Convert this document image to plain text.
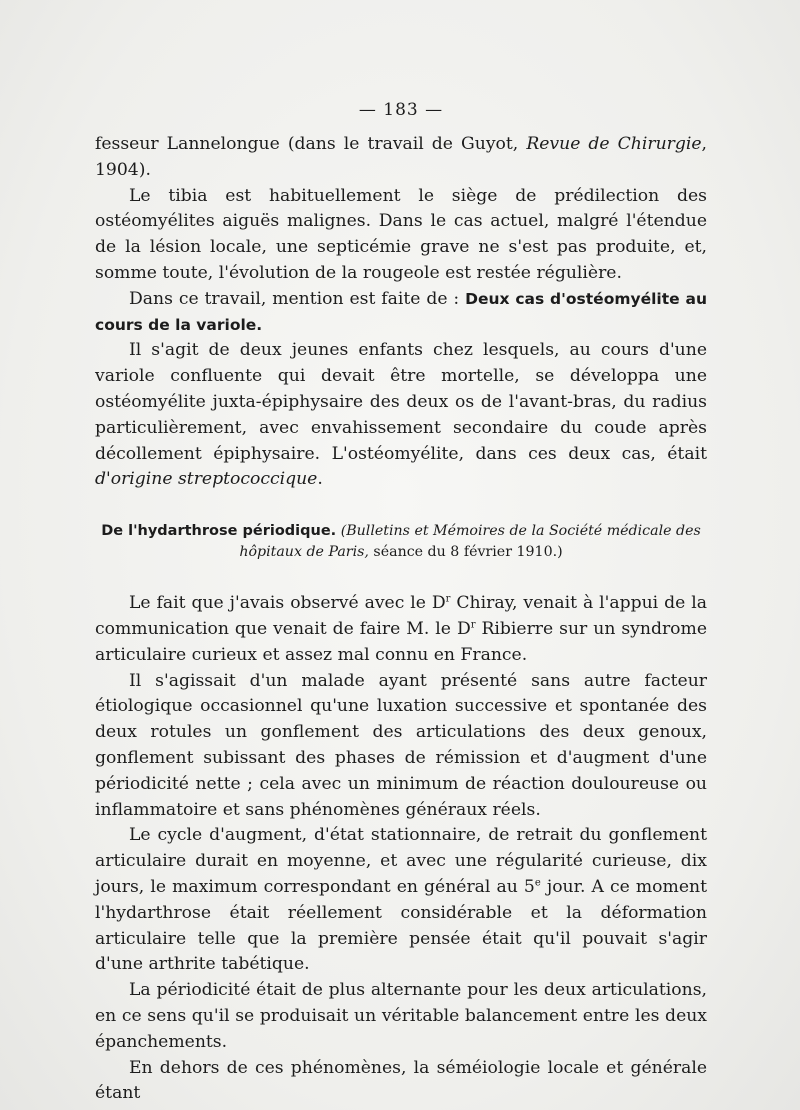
— 183 —

fesseur Lannelongue (dans le travail de Guyot, Revue de Chirurgie, 1904).

Le tibia est habituellement le siège de prédilection des ostéomyélites aiguës malignes. Dans le cas actuel, malgré l'étendue de la lésion locale, une septicémie grave ne s'est pas produite, et, somme toute, l'évolution de la rougeole est restée régulière.

Dans ce travail, mention est faite de : Deux cas d'ostéomyélite au cours de la variole.

Il s'agit de deux jeunes enfants chez lesquels, au cours d'une variole confluente qui devait être mortelle, se développa une ostéomyélite juxta-épiphysaire des deux os de l'avant-bras, du radius particulièrement, avec envahissement secondaire du coude après décollement épiphysaire. L'ostéomyélite, dans ces deux cas, était d'origine streptococcique.

De l'hydarthrose périodique. (Bulletins et Mémoires de la Société médicale des hôpitaux de Paris, séance du 8 février 1910.)

Le fait que j'avais observé avec le $D^r$ Chiray, venait à l'appui de la communication que venait de faire M. le $D^r$ Ribierre sur un syndrome articulaire curieux et assez mal connu en France.

Il s'agissait d'un malade ayant présenté sans autre facteur étiologique occasionnel qu'une luxation successive et spontanée des deux rotules un gonflement des articulations des deux genoux, gonflement subissant des phases de rémission et d'augment d'une périodicité nette ; cela avec un minimum de réaction douloureuse ou inflammatoire et sans phénomènes généraux réels.

Le cycle d'augment, d'état stationnaire, de retrait du gonflement articulaire durait en moyenne, et avec une régularité curieuse, dix jours, le maximum correspondant en général au 5e jour. A ce moment l'hydarthrose était réellement considérable et la déformation articulaire telle que la première pensée était qu'il pouvait s'agir d'une arthrite tabétique.

La périodicité était de plus alternante pour les deux articulations, en ce sens qu'il se produisait un véritable balancement entre les deux épanchements.

En dehors de ces phénomènes, la séméiologie locale et générale étant
